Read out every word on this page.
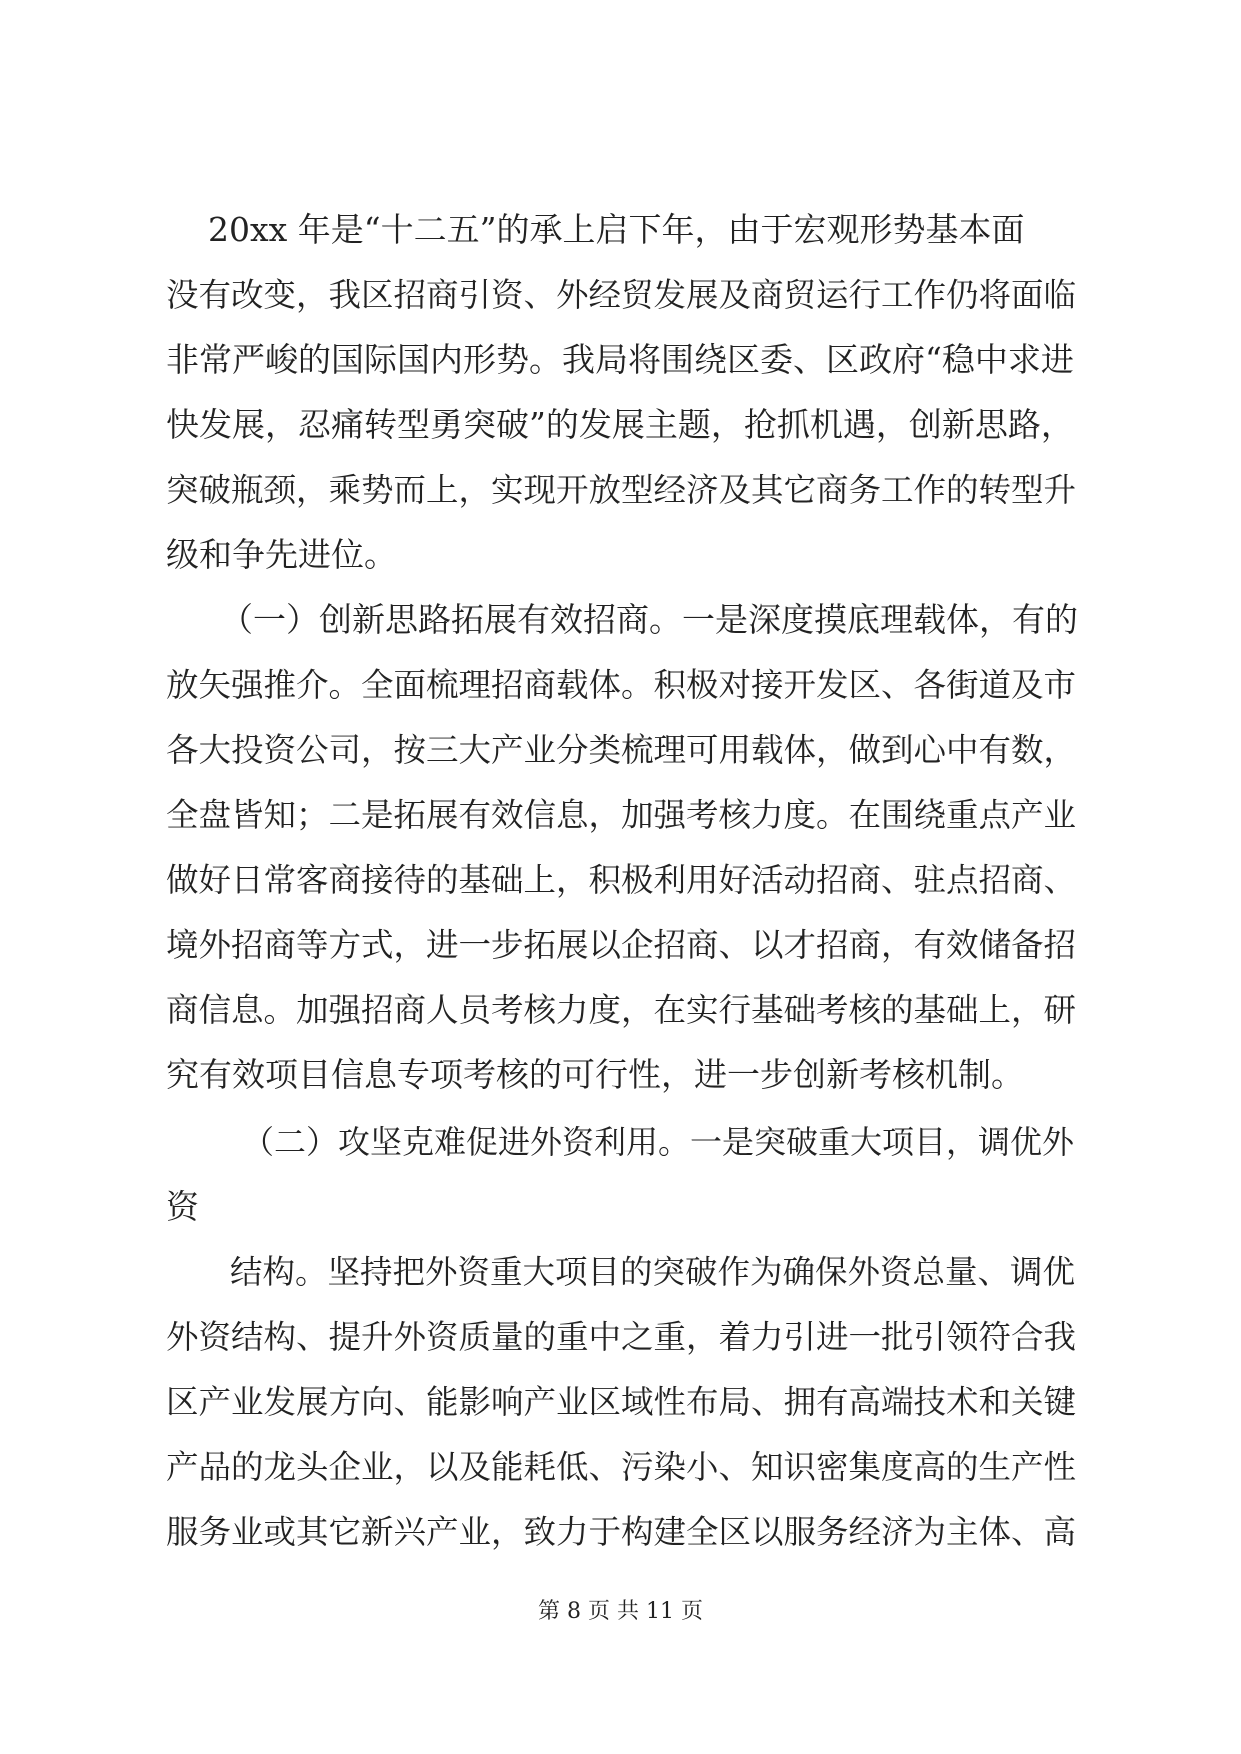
20xx 年是“十二五”的承上启下年，由于宏观形势基本面
没有改变，我区招商引资、外经贸发展及商贸运行工作仍将面临
非常严峻的国际国内形势。我局将围绕区委、区政府“稳中求进
快发展，忍痛转型勇突破”的发展主题，抢抓机遇，创新思路，
突破瓶颈，乘势而上，实现开放型经济及其它商务工作的转型升
级和争先进位。
（一）创新思路拓展有效招商。一是深度摸底理载体，有的
放矢强推介。全面梳理招商载体。积极对接开发区、各街道及市
各大投资公司，按三大产业分类梳理可用载体，做到心中有数，
全盘皆知；二是拓展有效信息，加强考核力度。在围绕重点产业
做好日常客商接待的基础上，积极利用好活动招商、驻点招商、
境外招商等方式，进一步拓展以企招商、以才招商，有效储备招
商信息。加强招商人员考核力度，在实行基础考核的基础上，研
究有效项目信息专项考核的可行性，进一步创新考核机制。
（二）攻坚克难促进外资利用。一是突破重大项目，调优外
资
结构。坚持把外资重大项目的突破作为确保外资总量、调优
外资结构、提升外资质量的重中之重，着力引进一批引领符合我
区产业发展方向、能影响产业区域性布局、拥有高端技术和关键
产品的龙头企业，以及能耗低、污染小、知识密集度高的生产性
服务业或其它新兴产业，致力于构建全区以服务经济为主体、高
第 8 页 共 11 页
